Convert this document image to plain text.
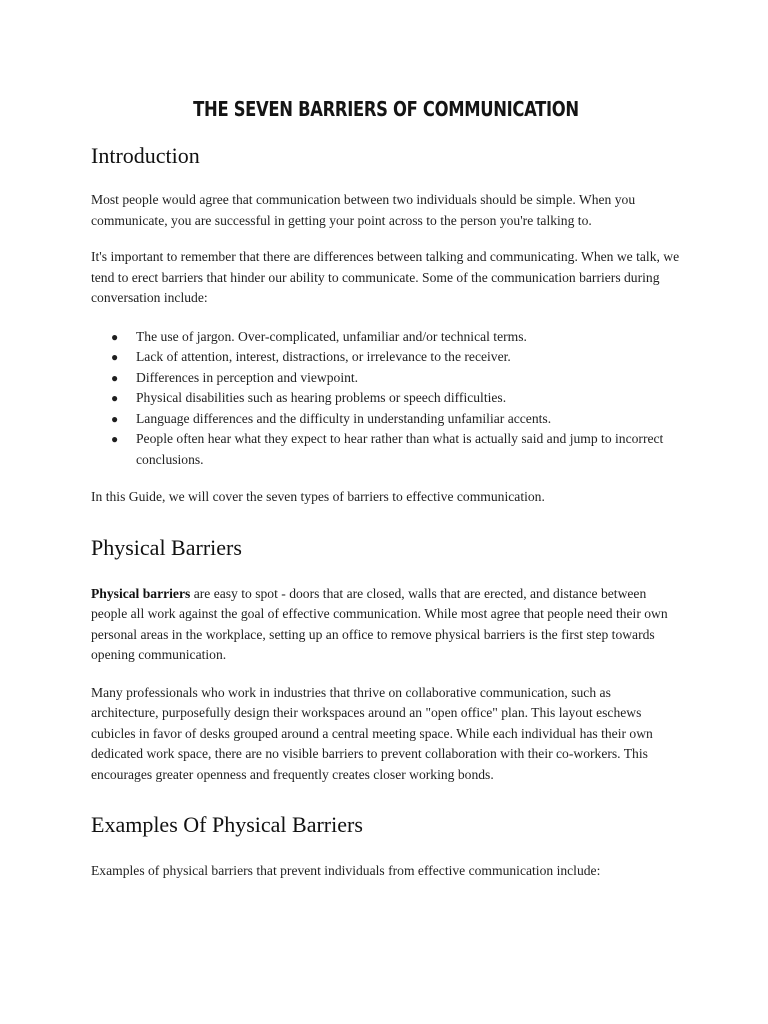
THE SEVEN BARRIERS OF COMMUNICATION
Introduction

Most people would agree that communication between two individuals should be simple. When you communicate, you are successful in getting your point across to the person you're talking to.

It's important to remember that there are differences between talking and communicating. When we talk, we tend to erect barriers that hinder our ability to communicate. Some of the communication barriers during conversation include:

● The use of jargon. Over-complicated, unfamiliar and/or technical terms.
● Lack of attention, interest, distractions, or irrelevance to the receiver.
● Differences in perception and viewpoint.
● Physical disabilities such as hearing problems or speech difficulties.
● Language differences and the difficulty in understanding unfamiliar accents.
● People often hear what they expect to hear rather than what is actually said and jump to incorrect conclusions.

In this Guide, we will cover the seven types of barriers to effective communication.

Physical Barriers

Physical barriers are easy to spot - doors that are closed, walls that are erected, and distance between people all work against the goal of effective communication. While most agree that people need their own personal areas in the workplace, setting up an office to remove physical barriers is the first step towards opening communication.

Many professionals who work in industries that thrive on collaborative communication, such as architecture, purposefully design their workspaces around an "open office" plan. This layout eschews cubicles in favor of desks grouped around a central meeting space. While each individual has their own dedicated work space, there are no visible barriers to prevent collaboration with their co-workers. This encourages greater openness and frequently creates closer working bonds.

Examples Of Physical Barriers

Examples of physical barriers that prevent individuals from effective communication include:
